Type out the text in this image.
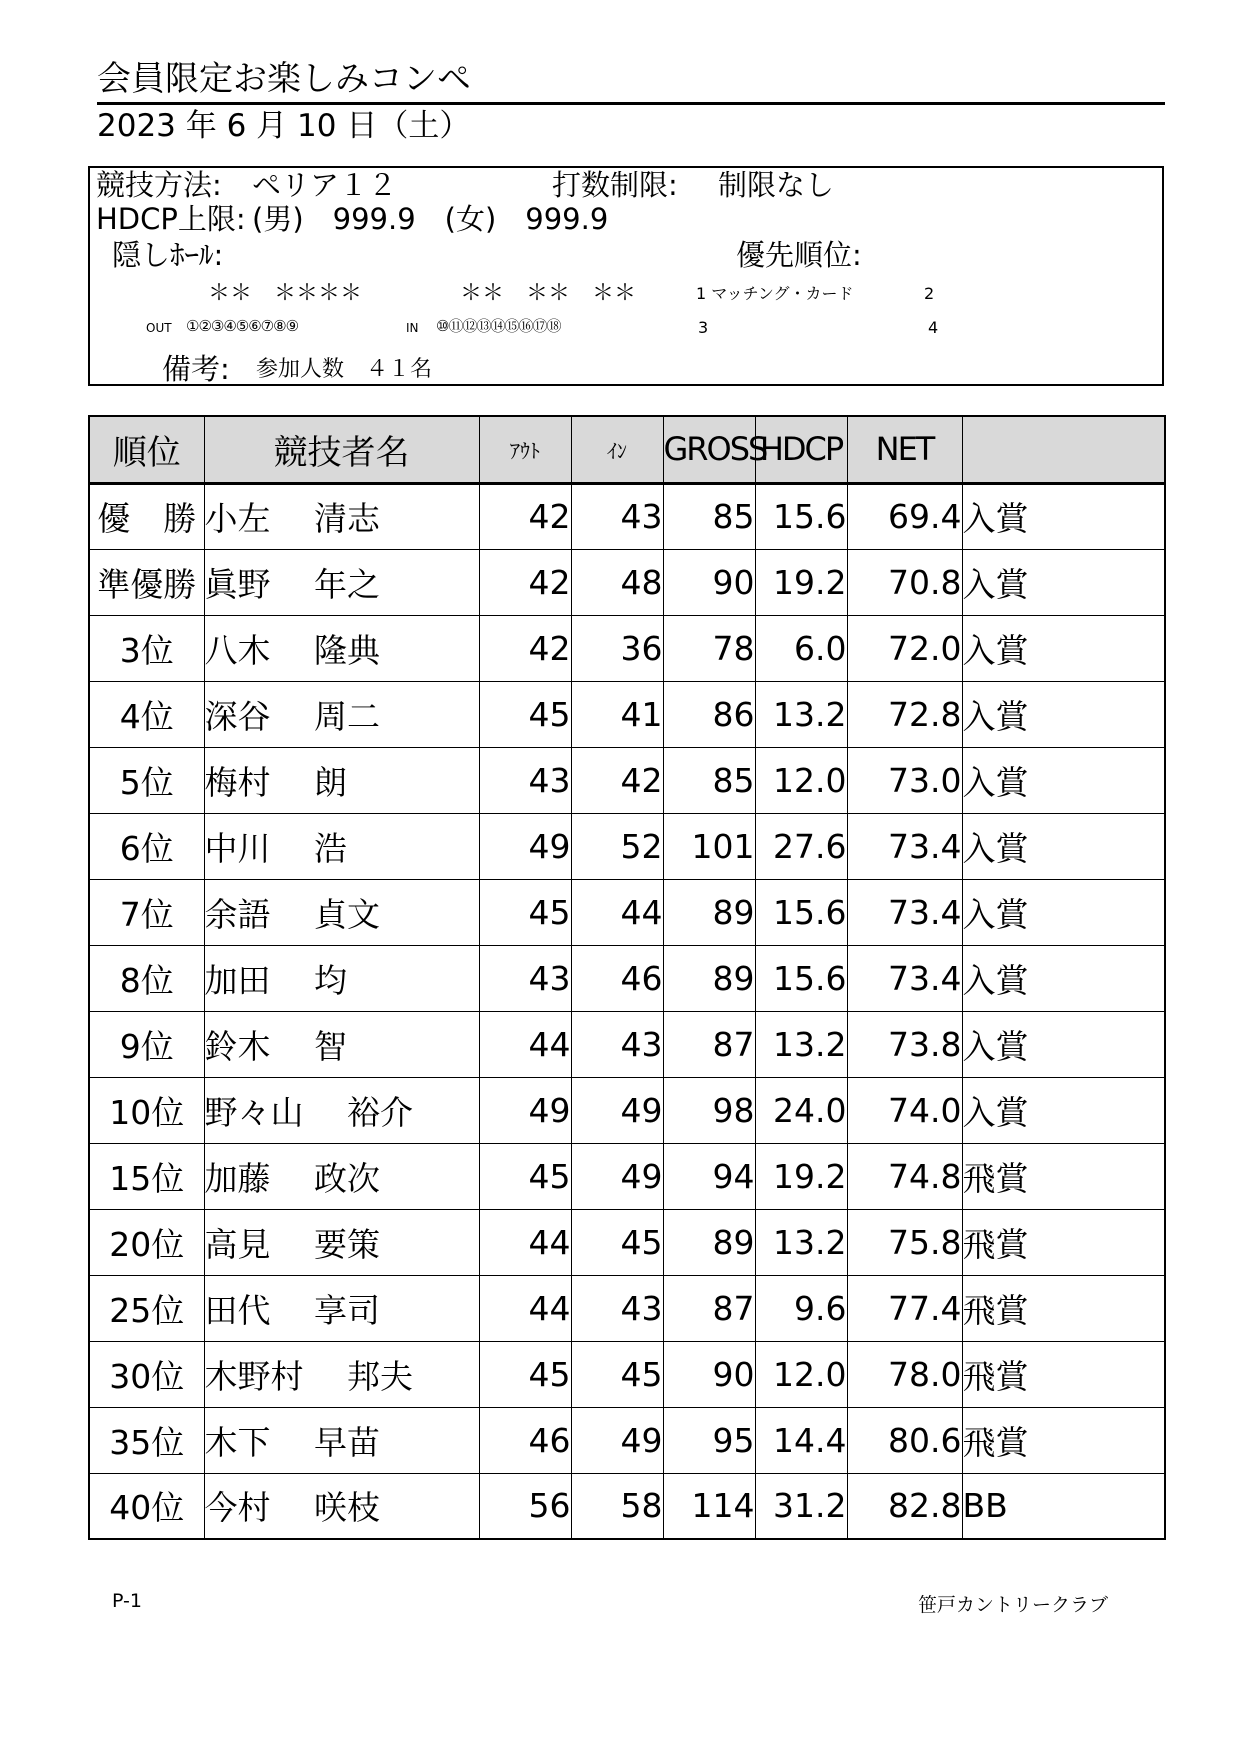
会員限定お楽しみコンペ
2023 年 6 月 10 日（土）
競技方法: ペリア１２	打数制限: 制限なし
HDCP上限: (男)　999.9　(女)　999.9
隠しﾎｰﾙ:	優先順位:
＊＊　＊＊＊＊	＊＊　＊＊　＊＊	1 マッチング・カード	2
OUT ①②③④⑤⑥⑦⑧⑨	IN ⑩⑪⑫⑬⑭⑮⑯⑰⑱	3	4
備考: 参加人数　４１名
順位	競技者名	ｱｳﾄ	ｲﾝ	GROSS	HDCP	NET	
優　勝	小左　 清志	42	43	85	15.6	69.4	入賞
準優勝	眞野　 年之	42	48	90	19.2	70.8	入賞
3位	八木　 隆典	42	36	78	6.0	72.0	入賞
4位	深谷　 周二	45	41	86	13.2	72.8	入賞
5位	梅村　 朗	43	42	85	12.0	73.0	入賞
6位	中川　 浩	49	52	101	27.6	73.4	入賞
7位	余語　 貞文	45	44	89	15.6	73.4	入賞
8位	加田　 均	43	46	89	15.6	73.4	入賞
9位	鈴木　 智	44	43	87	13.2	73.8	入賞
10位	野々山　 裕介	49	49	98	24.0	74.0	入賞
15位	加藤　 政次	45	49	94	19.2	74.8	飛賞
20位	高見　 要策	44	45	89	13.2	75.8	飛賞
25位	田代　 享司	44	43	87	9.6	77.4	飛賞
30位	木野村　 邦夫	45	45	90	12.0	78.0	飛賞
35位	木下　 早苗	46	49	95	14.4	80.6	飛賞
40位	今村　 咲枝	56	58	114	31.2	82.8	BB
P-1	笹戸カントリークラブ
